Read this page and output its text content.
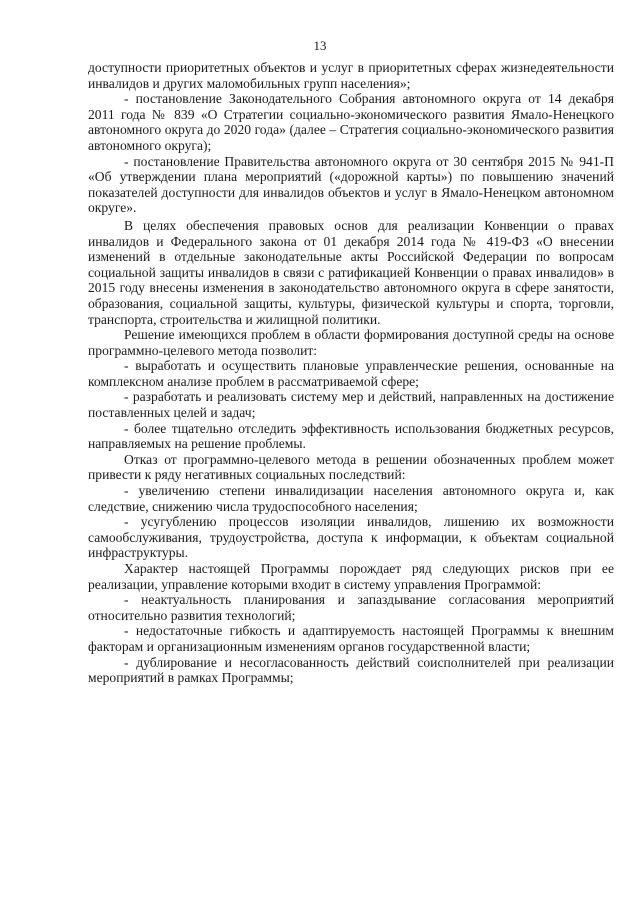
13

доступности приоритетных объектов и услуг в приоритетных сферах жизнедеятельности инвалидов и других маломобильных групп населения»;

- постановление Законодательного Собрания автономного округа от 14 декабря 2011 года № 839 «О Стратегии социально-экономического развития Ямало-Ненецкого автономного округа до 2020 года» (далее – Стратегия социально-экономического развития автономного округа);

- постановление Правительства автономного округа от 30 сентября 2015 № 941-П «Об утверждении плана мероприятий («дорожной карты») по повышению значений показателей доступности для инвалидов объектов и услуг в Ямало-Ненецком автономном округе».

В целях обеспечения правовых основ для реализации Конвенции о правах инвалидов и Федерального закона от 01 декабря 2014 года № 419-ФЗ «О внесении изменений в отдельные законодательные акты Российской Федерации по вопросам социальной защиты инвалидов в связи с ратификацией Конвенции о правах инвалидов» в 2015 году внесены изменения в законодательство автономного округа в сфере занятости, образования, социальной защиты, культуры, физической культуры и спорта, торговли, транспорта, строительства и жилищной политики.

Решение имеющихся проблем в области формирования доступной среды на основе программно-целевого метода позволит:

- выработать и осуществить плановые управленческие решения, основанные на комплексном анализе проблем в рассматриваемой сфере;

- разработать и реализовать систему мер и действий, направленных на достижение поставленных целей и задач;

- более тщательно отследить эффективность использования бюджетных ресурсов, направляемых на решение проблемы.

Отказ от программно-целевого метода в решении обозначенных проблем может привести к ряду негативных социальных последствий:

- увеличению степени инвалидизации населения автономного округа и, как следствие, снижению числа трудоспособного населения;

- усугублению процессов изоляции инвалидов, лишению их возможности самообслуживания, трудоустройства, доступа к информации, к объектам социальной инфраструктуры.

Характер настоящей Программы порождает ряд следующих рисков при ее реализации, управление которыми входит в систему управления Программой:

- неактуальность планирования и запаздывание согласования мероприятий относительно развития технологий;

- недостаточные гибкость и адаптируемость настоящей Программы к внешним факторам и организационным изменениям органов государственной власти;

- дублирование и несогласованность действий соисполнителей при реализации мероприятий в рамках Программы;
